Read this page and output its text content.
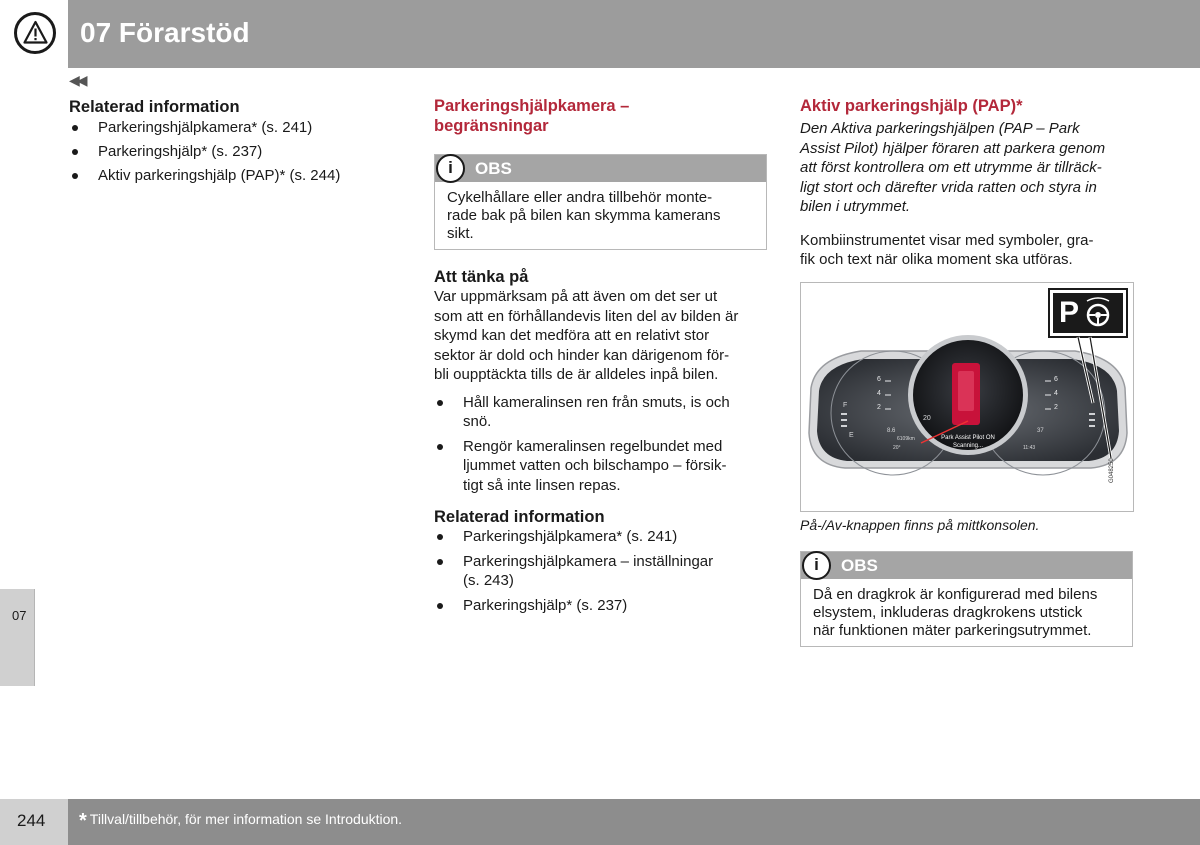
07 Förarstöd
◀◀
07
Relaterad information
Parkeringshjälpkamera* (s. 241)
Parkeringshjälp* (s. 237)
Aktiv parkeringshjälp (PAP)* (s. 244)
Parkeringshjälpkamera –
begränsningar
i	OBS
Cykelhållare eller andra tillbehör monte-
rade bak på bilen kan skymma kamerans
sikt.
Att tänka på
Var uppmärksam på att även om det ser ut
som att en förhållandevis liten del av bilden är
skymd kan det medföra att en relativt stor
sektor är dold och hinder kan därigenom för-
bli oupptäckta tills de är alldeles inpå bilen.
Håll kameralinsen ren från smuts, is och
snö.
Rengör kameralinsen regelbundet med
ljummet vatten och bilschampo – försik-
tigt så inte linsen repas.
Relaterad information
Parkeringshjälpkamera* (s. 241)
Parkeringshjälpkamera – inställningar
(s. 243)
Parkeringshjälp* (s. 237)
Aktiv parkeringshjälp (PAP)*
Den Aktiva parkeringshjälpen (PAP – Park
Assist Pilot) hjälper föraren att parkera genom
att först kontrollera om ett utrymme är tillräck-
ligt stort och därefter vrida ratten och styra in
bilen i utrymmet.
Kombiinstrumentet visar med symboler, gra-
fik och text när olika moment ska utföras.
P
Park Assist Pilot ON
Scanning...
G048250
6
4
2
6
4
2
8.6
6109km
20°
37
11:43
20
F
E
På-/Av-knappen finns på mittkonsolen.
i	OBS
Då en dragkrok är konfigurerad med bilens
elsystem, inkluderas dragkrokens utstick
när funktionen mäter parkeringsutrymmet.
244 * Tillval/tillbehör, för mer information se Introduktion.
